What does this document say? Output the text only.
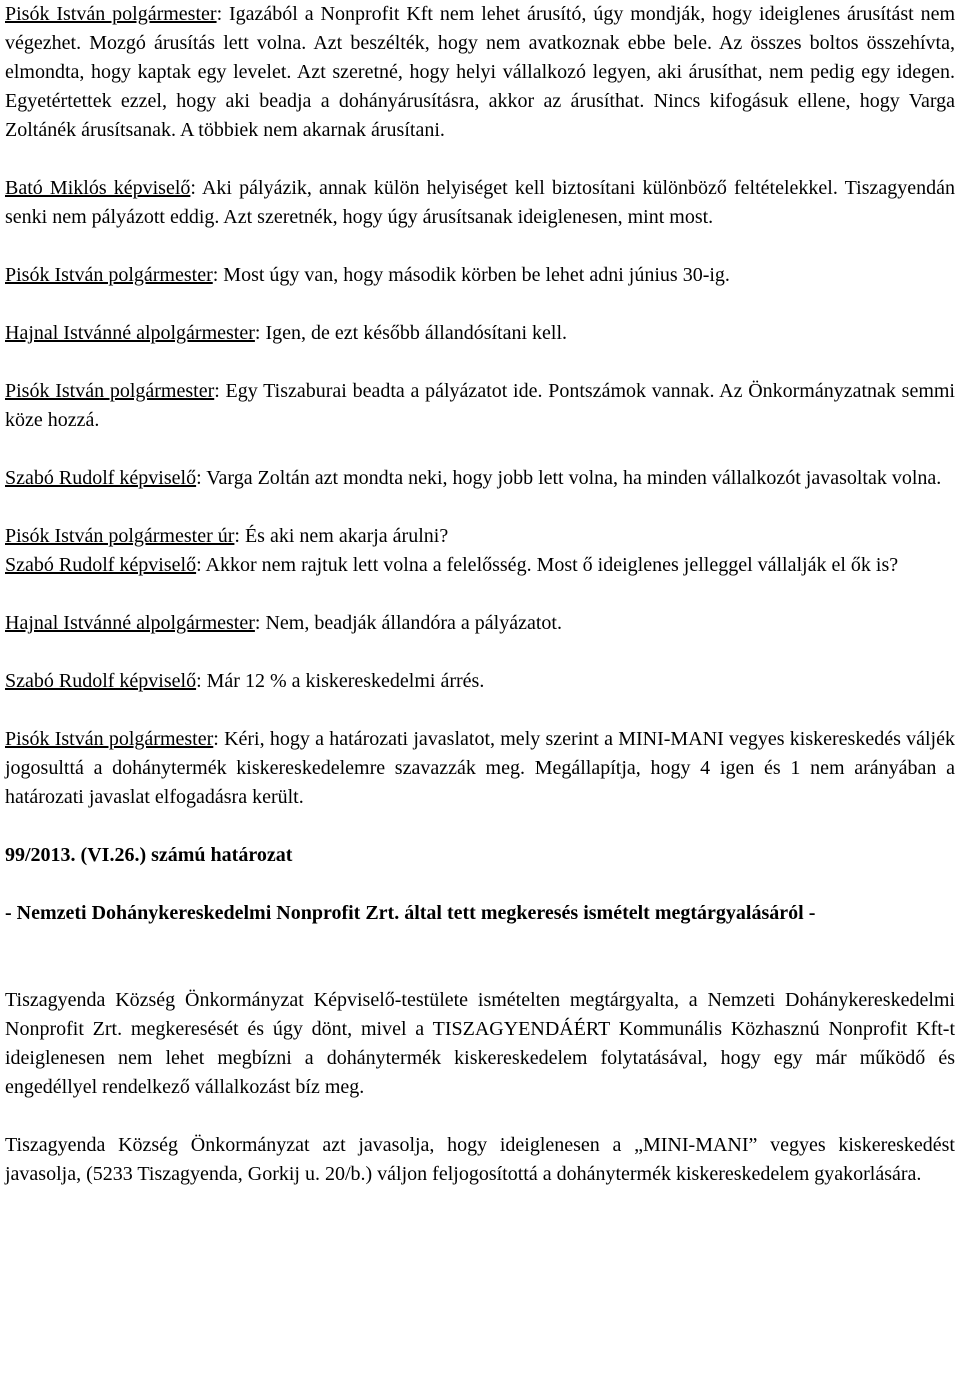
Pisók István polgármester: Igazából a Nonprofit Kft nem lehet árusító, úgy mondják, hogy ideiglenes árusítást nem végezhet. Mozgó árusítás lett volna. Azt beszélték, hogy nem avatkoznak ebbe bele. Az összes boltos összehívta, elmondta, hogy kaptak egy levelet. Azt szeretné, hogy helyi vállalkozó legyen, aki árusíthat, nem pedig egy idegen. Egyetértettek ezzel, hogy aki beadja a dohányárusításra, akkor az árusíthat. Nincs kifogásuk ellene, hogy Varga Zoltánék árusítsanak. A többiek nem akarnak árusítani.

Bató Miklós képviselő: Aki pályázik, annak külön helyiséget kell biztosítani különböző feltételekkel. Tiszagyendán senki nem pályázott eddig. Azt szeretnék, hogy úgy árusítsanak ideiglenesen, mint most.

Pisók István polgármester: Most úgy van, hogy második körben be lehet adni június 30-ig.

Hajnal Istvánné alpolgármester: Igen, de ezt később állandósítani kell.

Pisók István polgármester: Egy Tiszaburai beadta a pályázatot ide. Pontszámok vannak. Az Önkormányzatnak semmi köze hozzá.

Szabó Rudolf képviselő: Varga Zoltán azt mondta neki, hogy jobb lett volna, ha minden vállalkozót javasoltak volna.

Pisók István polgármester úr: És aki nem akarja árulni?

Szabó Rudolf képviselő: Akkor nem rajtuk lett volna a felelősség. Most ő ideiglenes jelleggel vállalják el ők is?

Hajnal Istvánné alpolgármester: Nem, beadják állandóra a pályázatot.

Szabó Rudolf képviselő: Már 12 % a kiskereskedelmi árrés.

Pisók István polgármester: Kéri, hogy a határozati javaslatot, mely szerint a MINI-MANI vegyes kiskereskedés váljék jogosulttá a dohánytermék kiskereskedelemre szavazzák meg. Megállapítja, hogy 4 igen és 1 nem arányában a határozati javaslat elfogadásra került.

99/2013. (VI.26.) számú határozat

- Nemzeti Dohánykereskedelmi Nonprofit Zrt. által tett megkeresés ismételt megtárgyalásáról -

Tiszagyenda Község Önkormányzat Képviselő-testülete ismételten megtárgyalta, a Nemzeti Dohánykereskedelmi Nonprofit Zrt. megkeresését és úgy dönt, mivel a TISZAGYENDÁÉRT Kommunális Közhasznú Nonprofit Kft-t ideiglenesen nem lehet megbízni a dohánytermék kiskereskedelem folytatásával, hogy egy már működő és engedéllyel rendelkező vállalkozást bíz meg.

Tiszagyenda Község Önkormányzat azt javasolja, hogy ideiglenesen a „MINI-MANI” vegyes kiskereskedést javasolja, (5233 Tiszagyenda, Gorkij u. 20/b.) váljon feljogosítottá a dohánytermék kiskereskedelem gyakorlására.
